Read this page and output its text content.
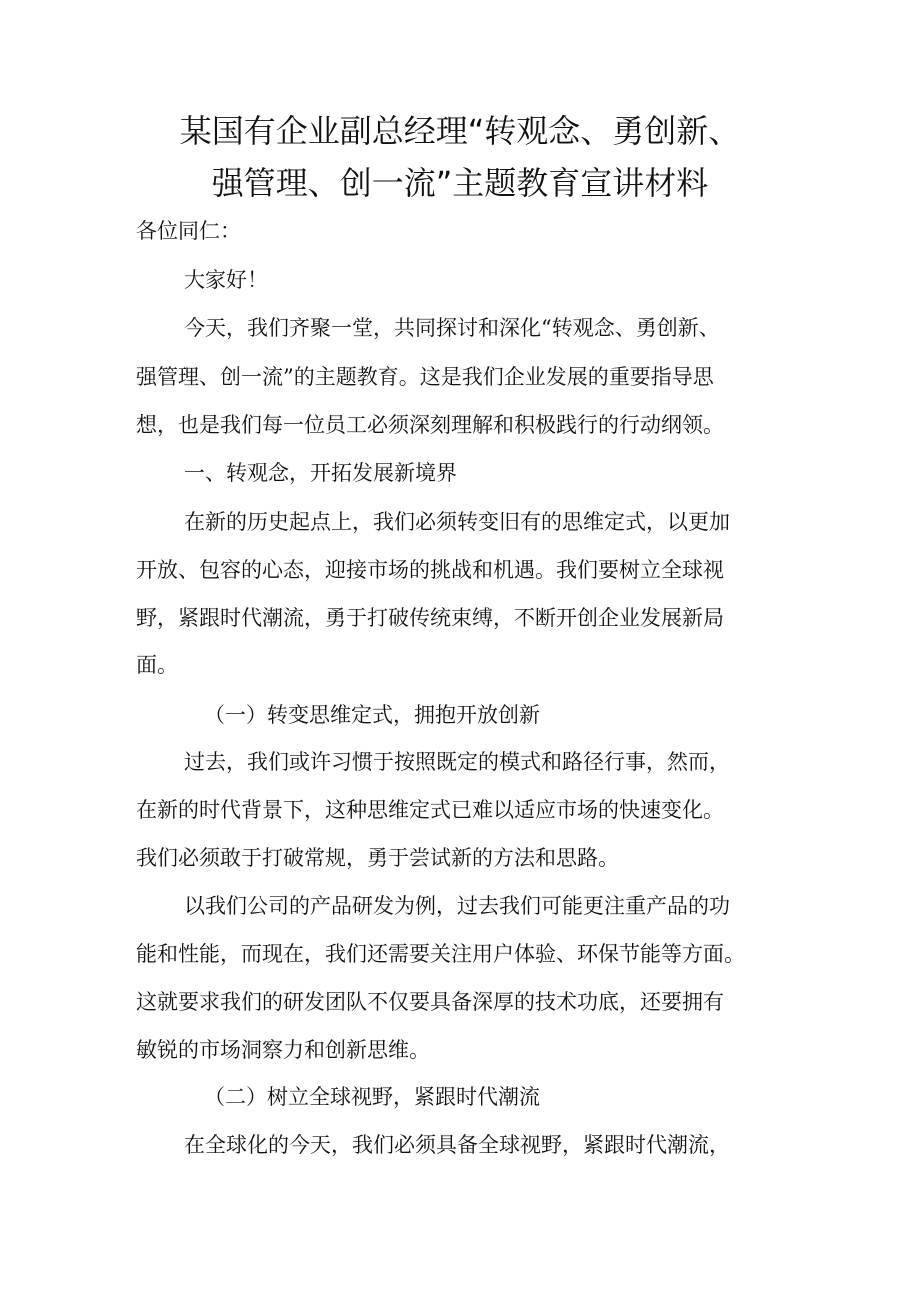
某国有企业副总经理“转观念、勇创新、
强管理、创一流”主题教育宣讲材料

各位同仁：

大家好！

今天，我们齐聚一堂，共同探讨和深化“转观念、勇创新、

强管理、创一流”的主题教育。这是我们企业发展的重要指导思

想，也是我们每一位员工必须深刻理解和积极践行的行动纲领。

一、转观念，开拓发展新境界

在新的历史起点上，我们必须转变旧有的思维定式，以更加

开放、包容的心态，迎接市场的挑战和机遇。我们要树立全球视

野，紧跟时代潮流，勇于打破传统束缚，不断开创企业发展新局

面。

（一）转变思维定式，拥抱开放创新

过去，我们或许习惯于按照既定的模式和路径行事，然而，

在新的时代背景下，这种思维定式已难以适应市场的快速变化。

我们必须敢于打破常规，勇于尝试新的方法和思路。

以我们公司的产品研发为例，过去我们可能更注重产品的功

能和性能，而现在，我们还需要关注用户体验、环保节能等方面。

这就要求我们的研发团队不仅要具备深厚的技术功底，还要拥有

敏锐的市场洞察力和创新思维。

（二）树立全球视野，紧跟时代潮流

在全球化的今天，我们必须具备全球视野，紧跟时代潮流，
